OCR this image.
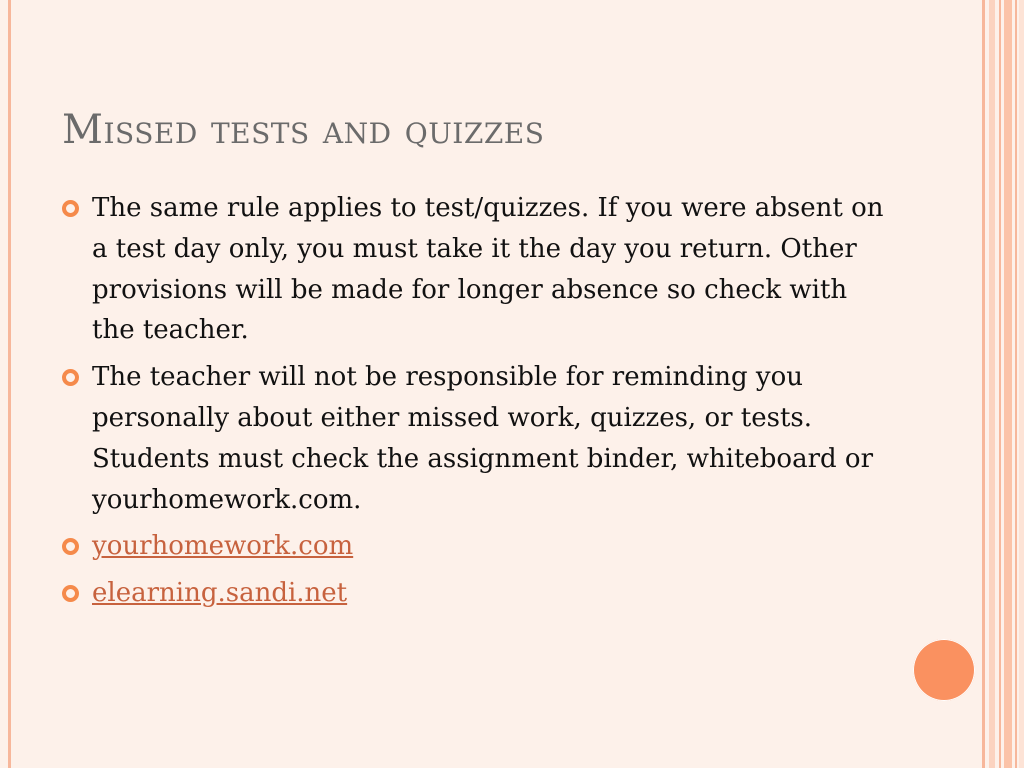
Missed tests and quizzes
The same rule applies to test/quizzes. If you were absent on a test day only, you must take it the day you return. Other provisions will be made for longer absence so check with the teacher.
The teacher will not be responsible for reminding you personally about either missed work, quizzes, or tests. Students must check the assignment binder, whiteboard or yourhomework.com.
yourhomework.com
elearning.sandi.net
